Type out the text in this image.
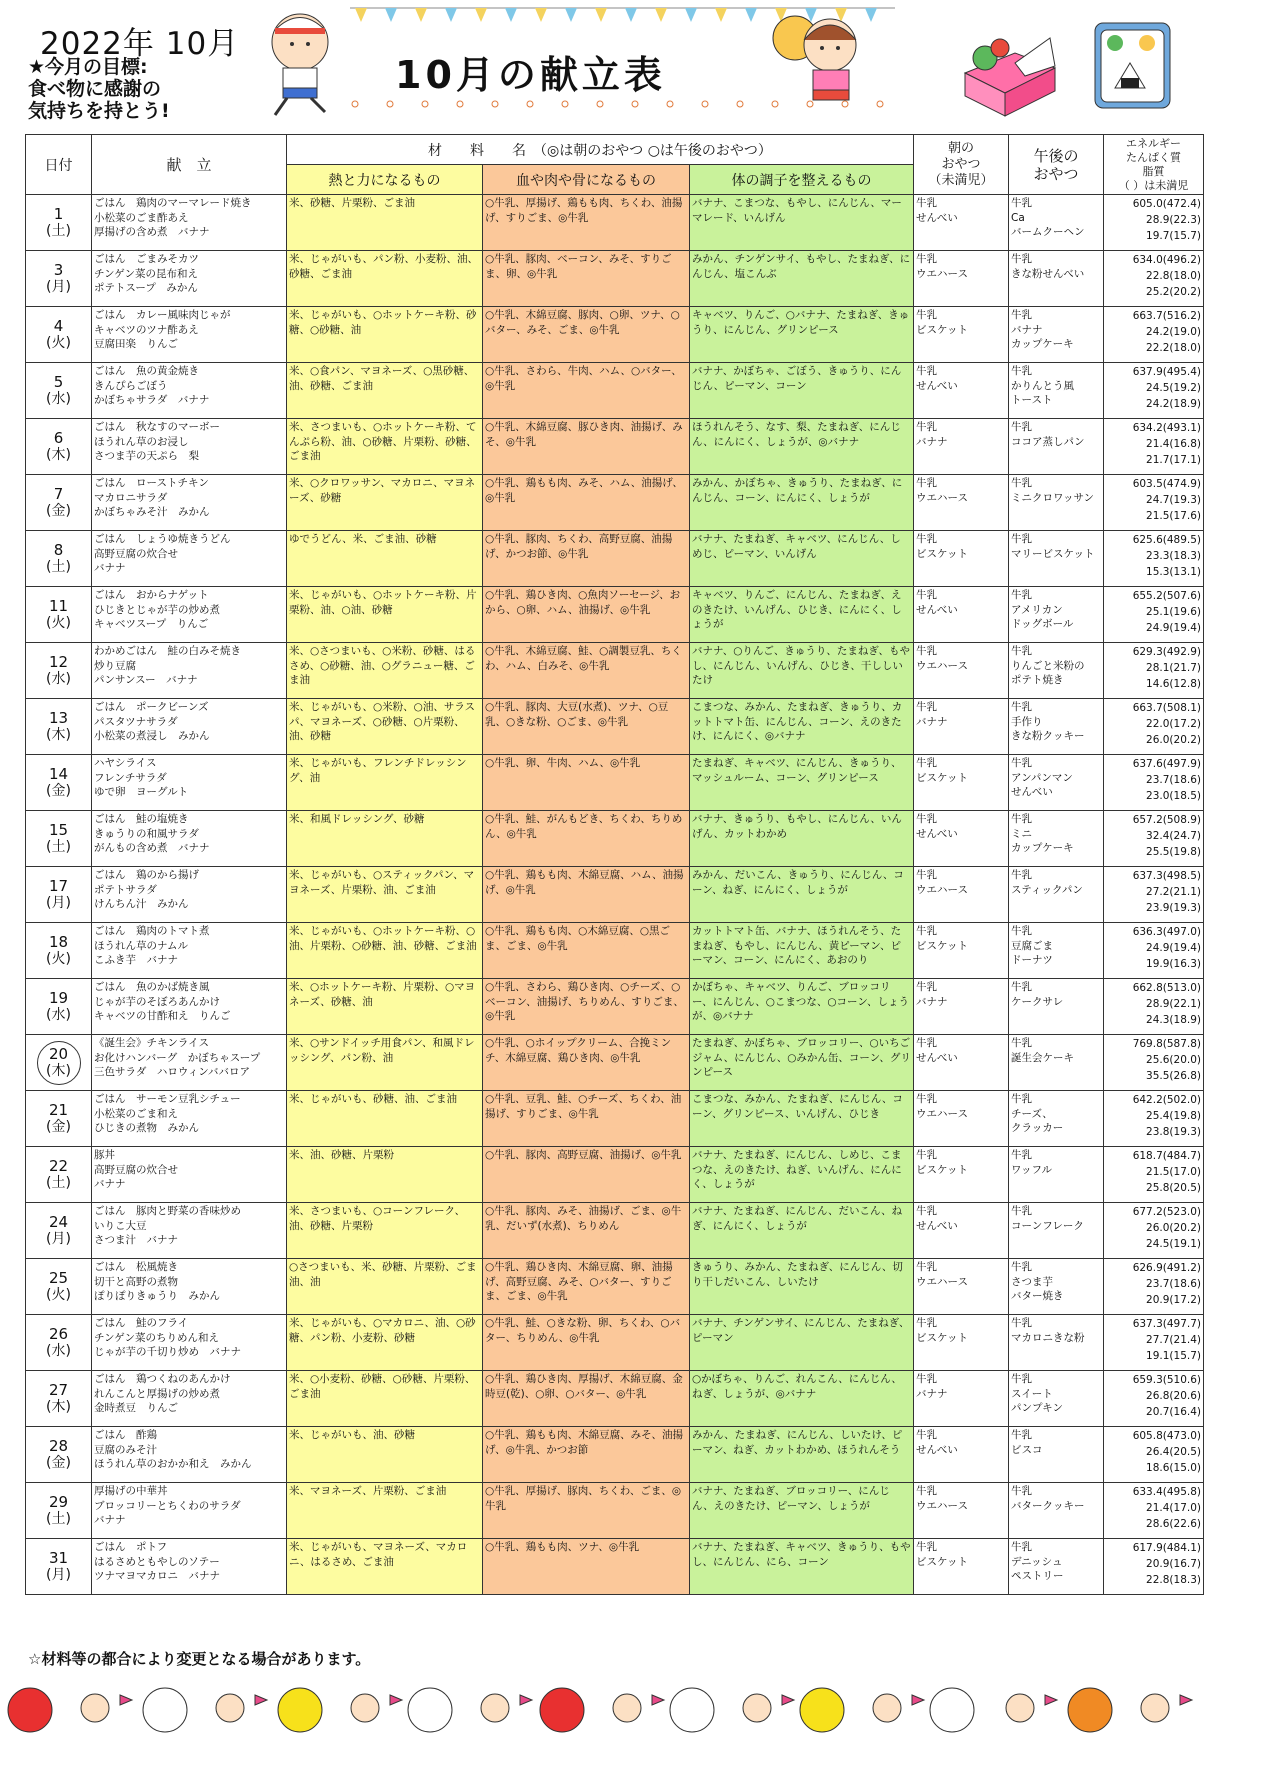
2022年 10月
★今月の目標:
食べ物に感謝の
気持ちを持とう!
10月の献立表
日付	献　立	材　　料　　名　（◎は朝のおやつ ○は午後のおやつ）			朝の
おやつ
（未満児）	午後の
おやつ	エネルギー
たんぱく質
脂質
（ ）は未満児
		熱と力になるもの	血や肉や骨になるもの	体の調子を整えるもの			

1
(土)	ごはん　鶏肉のマーマレード焼き
小松菜のごま酢あえ
厚揚げの含め煮　バナナ	米、砂糖、片栗粉、ごま油	○牛乳、厚揚げ、鶏もも肉、ちくわ、油揚げ、すりごま、◎牛乳	バナナ、こまつな、もやし、にんじん、マーマレード、いんげん	牛乳
せんべい	牛乳
Ca
バームクーヘン	605.0(472.4)
28.9(22.3)
19.7(15.7)

3
(月)	ごはん　ごまみそカツ
チンゲン菜の昆布和え
ポテトスープ　みかん	米、じゃがいも、パン粉、小麦粉、油、砂糖、ごま油	○牛乳、豚肉、ベーコン、みそ、すりごま、卵、◎牛乳	みかん、チンゲンサイ、もやし、たまねぎ、にんじん、塩こんぶ	牛乳
ウエハース	牛乳
きな粉せんべい	634.0(496.2)
22.8(18.0)
25.2(20.2)

4
(火)	ごはん　カレー風味肉じゃが
キャベツのツナ酢あえ
豆腐田楽　りんご	米、じゃがいも、○ホットケーキ粉、砂糖、○砂糖、油	○牛乳、木綿豆腐、豚肉、○卵、ツナ、○バター、みそ、ごま、◎牛乳	キャベツ、りんご、○バナナ、たまねぎ、きゅうり、にんじん、グリンピース	牛乳
ビスケット	牛乳
バナナ
カップケーキ	663.7(516.2)
24.2(19.0)
22.2(18.0)

5
(水)	ごはん　魚の黄金焼き
きんぴらごぼう
かぼちゃサラダ　バナナ	米、○食パン、マヨネーズ、○黒砂糖、油、砂糖、ごま油	○牛乳、さわら、牛肉、ハム、○バター、◎牛乳	バナナ、かぼちゃ、ごぼう、きゅうり、にんじん、ピーマン、コーン	牛乳
せんべい	牛乳
かりんとう風
トースト	637.9(495.4)
24.5(19.2)
24.2(18.9)

6
(木)	ごはん　秋なすのマーボー
ほうれん草のお浸し
さつま芋の天ぷら　梨	米、さつまいも、○ホットケーキ粉、てんぷら粉、油、○砂糖、片栗粉、砂糖、ごま油	○牛乳、木綿豆腐、豚ひき肉、油揚げ、みそ、◎牛乳	ほうれんそう、なす、梨、たまねぎ、にんじん、にんにく、しょうが、◎バナナ	牛乳
バナナ	牛乳
ココア蒸しパン	634.2(493.1)
21.4(16.8)
21.7(17.1)

7
(金)	ごはん　ローストチキン
マカロニサラダ
かぼちゃみそ汁　みかん	米、○クロワッサン、マカロニ、マヨネーズ、砂糖	○牛乳、鶏もも肉、みそ、ハム、油揚げ、◎牛乳	みかん、かぼちゃ、きゅうり、たまねぎ、にんじん、コーン、にんにく、しょうが	牛乳
ウエハース	牛乳
ミニクロワッサン	603.5(474.9)
24.7(19.3)
21.5(17.6)

8
(土)	ごはん　しょうゆ焼きうどん
高野豆腐の炊合せ
バナナ	ゆでうどん、米、ごま油、砂糖	○牛乳、豚肉、ちくわ、高野豆腐、油揚げ、かつお節、◎牛乳	バナナ、たまねぎ、キャベツ、にんじん、しめじ、ピーマン、いんげん	牛乳
ビスケット	牛乳
マリービスケット	625.6(489.5)
23.3(18.3)
15.3(13.1)

11
(火)	ごはん　おからナゲット
ひじきとじゃが芋の炒め煮
キャベツスープ　りんご	米、じゃがいも、○ホットケーキ粉、片栗粉、油、○油、砂糖	○牛乳、鶏ひき肉、○魚肉ソーセージ、おから、○卵、ハム、油揚げ、◎牛乳	キャベツ、りんご、にんじん、たまねぎ、えのきたけ、いんげん、ひじき、にんにく、しょうが	牛乳
せんべい	牛乳
アメリカン
ドッグボール	655.2(507.6)
25.1(19.6)
24.9(19.4)

12
(水)	わかめごはん　鮭の白みそ焼き
炒り豆腐
パンサンスー　バナナ	米、○さつまいも、○米粉、砂糖、はるさめ、○砂糖、油、○グラニュー糖、ごま油	○牛乳、木綿豆腐、鮭、○調製豆乳、ちくわ、ハム、白みそ、◎牛乳	バナナ、○りんご、きゅうり、たまねぎ、もやし、にんじん、いんげん、ひじき、干ししいたけ	牛乳
ウエハース	牛乳
りんごと米粉の
ポテト焼き	629.3(492.9)
28.1(21.7)
14.6(12.8)

13
(木)	ごはん　ポークビーンズ
パスタツナサラダ
小松菜の煮浸し　みかん	米、じゃがいも、○米粉、○油、サラスパ、マヨネーズ、○砂糖、○片栗粉、油、砂糖	○牛乳、豚肉、大豆(水煮)、ツナ、○豆乳、○きな粉、○ごま、◎牛乳	こまつな、みかん、たまねぎ、きゅうり、カットトマト缶、にんじん、コーン、えのきたけ、にんにく、◎バナナ	牛乳
バナナ	牛乳
手作り
きな粉クッキー	663.7(508.1)
22.0(17.2)
26.0(20.2)

14
(金)	ハヤシライス
フレンチサラダ
ゆで卵　ヨーグルト	米、じゃがいも、フレンチドレッシング、油	○牛乳、卵、牛肉、ハム、◎牛乳	たまねぎ、キャベツ、にんじん、きゅうり、マッシュルーム、コーン、グリンピース	牛乳
ビスケット	牛乳
アンパンマン
せんべい	637.6(497.9)
23.7(18.6)
23.0(18.5)

15
(土)	ごはん　鮭の塩焼き
きゅうりの和風サラダ
がんもの含め煮　バナナ	米、和風ドレッシング、砂糖	○牛乳、鮭、がんもどき、ちくわ、ちりめん、◎牛乳	バナナ、きゅうり、もやし、にんじん、いんげん、カットわかめ	牛乳
せんべい	牛乳
ミニ
カップケーキ	657.2(508.9)
32.4(24.7)
25.5(19.8)

17
(月)	ごはん　鶏のから揚げ
ポテトサラダ
けんちん汁　みかん	米、じゃがいも、○スティックパン、マヨネーズ、片栗粉、油、ごま油	○牛乳、鶏もも肉、木綿豆腐、ハム、油揚げ、◎牛乳	みかん、だいこん、きゅうり、にんじん、コーン、ねぎ、にんにく、しょうが	牛乳
ウエハース	牛乳
スティックパン	637.3(498.5)
27.2(21.1)
23.9(19.3)

18
(火)	ごはん　鶏肉のトマト煮
ほうれん草のナムル
こふき芋　バナナ	米、じゃがいも、○ホットケーキ粉、○油、片栗粉、○砂糖、油、砂糖、ごま油	○牛乳、鶏もも肉、○木綿豆腐、○黒ごま、ごま、◎牛乳	カットトマト缶、バナナ、ほうれんそう、たまねぎ、もやし、にんじん、黄ピーマン、ピーマン、コーン、にんにく、あおのり	牛乳
ビスケット	牛乳
豆腐ごま
ドーナツ	636.3(497.0)
24.9(19.4)
19.9(16.3)

19
(水)	ごはん　魚のかば焼き風
じゃが芋のそぼろあんかけ
キャベツの甘酢和え　りんご	米、○ホットケーキ粉、片栗粉、○マヨネーズ、砂糖、油	○牛乳、さわら、鶏ひき肉、○チーズ、○ベーコン、油揚げ、ちりめん、すりごま、◎牛乳	かぼちゃ、キャベツ、りんご、ブロッコリー、にんじん、○こまつな、○コーン、しょうが、◎バナナ	牛乳
バナナ	牛乳
ケークサレ	662.8(513.0)
28.9(22.1)
24.3(18.9)

20
(木)	《誕生会》チキンライス
お化けハンバーグ　かぼちゃスープ
三色サラダ　ハロウィンババロア	米、○サンドイッチ用食パン、和風ドレッシング、パン粉、油	○牛乳、○ホイップクリーム、合挽ミンチ、木綿豆腐、鶏ひき肉、◎牛乳	たまねぎ、かぼちゃ、ブロッコリー、○いちごジャム、にんじん、○みかん缶、コーン、グリンピース	牛乳
せんべい	牛乳
誕生会ケーキ	769.8(587.8)
25.6(20.0)
35.5(26.8)

21
(金)	ごはん　サーモン豆乳シチュー
小松菜のごま和え
ひじきの煮物　みかん	米、じゃがいも、砂糖、油、ごま油	○牛乳、豆乳、鮭、○チーズ、ちくわ、油揚げ、すりごま、◎牛乳	こまつな、みかん、たまねぎ、にんじん、コーン、グリンピース、いんげん、ひじき	牛乳
ウエハース	牛乳
チーズ、
クラッカー	642.2(502.0)
25.4(19.8)
23.8(19.3)

22
(土)	豚丼
高野豆腐の炊合せ
バナナ	米、油、砂糖、片栗粉	○牛乳、豚肉、高野豆腐、油揚げ、◎牛乳	バナナ、たまねぎ、にんじん、しめじ、こまつな、えのきたけ、ねぎ、いんげん、にんにく、しょうが	牛乳
ビスケット	牛乳
ワッフル	618.7(484.7)
21.5(17.0)
25.8(20.5)

24
(月)	ごはん　豚肉と野菜の香味炒め
いりこ大豆
さつま汁　バナナ	米、さつまいも、○コーンフレーク、油、砂糖、片栗粉	○牛乳、豚肉、みそ、油揚げ、ごま、◎牛乳、だいず(水煮)、ちりめん	バナナ、たまねぎ、にんじん、だいこん、ねぎ、にんにく、しょうが	牛乳
せんべい	牛乳
コーンフレーク	677.2(523.0)
26.0(20.2)
24.5(19.1)

25
(火)	ごはん　松風焼き
切干と高野の煮物
ぽりぽりきゅうり　みかん	○さつまいも、米、砂糖、片栗粉、ごま油、油	○牛乳、鶏ひき肉、木綿豆腐、卵、油揚げ、高野豆腐、みそ、○バター、すりごま、ごま、◎牛乳	きゅうり、みかん、たまねぎ、にんじん、切り干しだいこん、しいたけ	牛乳
ウエハース	牛乳
さつま芋
バター焼き	626.9(491.2)
23.7(18.6)
20.9(17.2)

26
(水)	ごはん　鮭のフライ
チンゲン菜のちりめん和え
じゃが芋の千切り炒め　バナナ	米、じゃがいも、○マカロニ、油、○砂糖、パン粉、小麦粉、砂糖	○牛乳、鮭、○きな粉、卵、ちくわ、○バター、ちりめん、◎牛乳	バナナ、チンゲンサイ、にんじん、たまねぎ、ピーマン	牛乳
ビスケット	牛乳
マカロニきな粉	637.3(497.7)
27.7(21.4)
19.1(15.7)

27
(木)	ごはん　鶏つくねのあんかけ
れんこんと厚揚げの炒め煮
金時煮豆　りんご	米、○小麦粉、砂糖、○砂糖、片栗粉、ごま油	○牛乳、鶏ひき肉、厚揚げ、木綿豆腐、金時豆(乾)、○卵、○バター、◎牛乳	○かぼちゃ、りんご、れんこん、にんじん、ねぎ、しょうが、◎バナナ	牛乳
バナナ	牛乳
スイート
パンプキン	659.3(510.6)
26.8(20.6)
20.7(16.4)

28
(金)	ごはん　酢鶏
豆腐のみそ汁
ほうれん草のおかか和え　みかん	米、じゃがいも、油、砂糖	○牛乳、鶏もも肉、木綿豆腐、みそ、油揚げ、◎牛乳、かつお節	みかん、たまねぎ、にんじん、しいたけ、ピーマン、ねぎ、カットわかめ、ほうれんそう	牛乳
せんべい	牛乳
ビスコ	605.8(473.0)
26.4(20.5)
18.6(15.0)

29
(土)	厚揚げの中華丼
ブロッコリーとちくわのサラダ
バナナ	米、マヨネーズ、片栗粉、ごま油	○牛乳、厚揚げ、豚肉、ちくわ、ごま、◎牛乳	バナナ、たまねぎ、ブロッコリー、にんじん、えのきたけ、ピーマン、しょうが	牛乳
ウエハース	牛乳
バタークッキー	633.4(495.8)
21.4(17.0)
28.6(22.6)

31
(月)	ごはん　ポトフ
はるさめともやしのソテー
ツナマヨマカロニ　バナナ	米、じゃがいも、マヨネーズ、マカロニ、はるさめ、ごま油	○牛乳、鶏もも肉、ツナ、◎牛乳	バナナ、たまねぎ、キャベツ、きゅうり、もやし、にんじん、にら、コーン	牛乳
ビスケット	牛乳
デニッシュ
ペストリー	617.9(484.1)
20.9(16.7)
22.8(18.3)
☆材料等の都合により変更となる場合があります。
